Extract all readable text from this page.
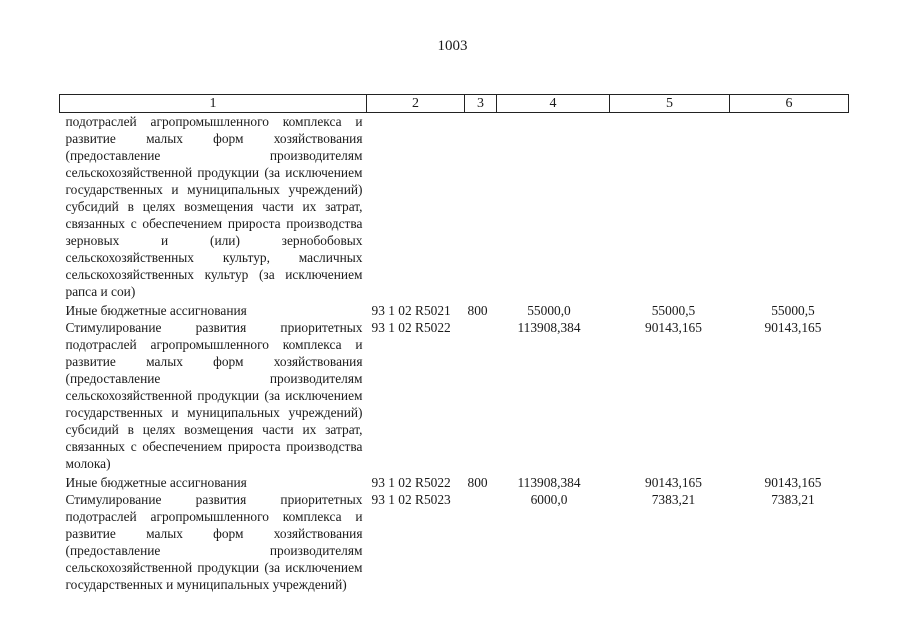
1003
1	2	3	4	5	6
подотраслей агропромышленного комплекса и развитие малых форм хозяйствования (предоставление производителям сельскохозяйственной продукции (за исключением государственных и муниципальных учреждений) субсидий в целях возмещения части их затрат, связанных с обеспечением прироста производства зерновых и (или) зернобобовых сельскохозяйственных культур, масличных сельскохозяйственных культур (за исключением рапса и сои)					

Иные бюджетные ассигнования	93 1 02 R5021	800	55000,0	55000,5	55000,5
Стимулирование развития приоритетных подотраслей агропромышленного комплекса и развитие малых форм хозяйствования (предоставление производителям сельскохозяйственной продукции (за исключением государственных и муниципальных учреждений) субсидий в целях возмещения части их затрат, связанных с обеспечением прироста производства молока)	93 1 02 R5022		113908,384	90143,165	90143,165

Иные бюджетные ассигнования	93 1 02 R5022	800	113908,384	90143,165	90143,165
Стимулирование развития приоритетных подотраслей агропромышленного комплекса и развитие малых форм хозяйствования (предоставление производителям сельскохозяйственной продукции (за исключением государственных и муниципальных учреждений)	93 1 02 R5023		6000,0	7383,21	7383,21
